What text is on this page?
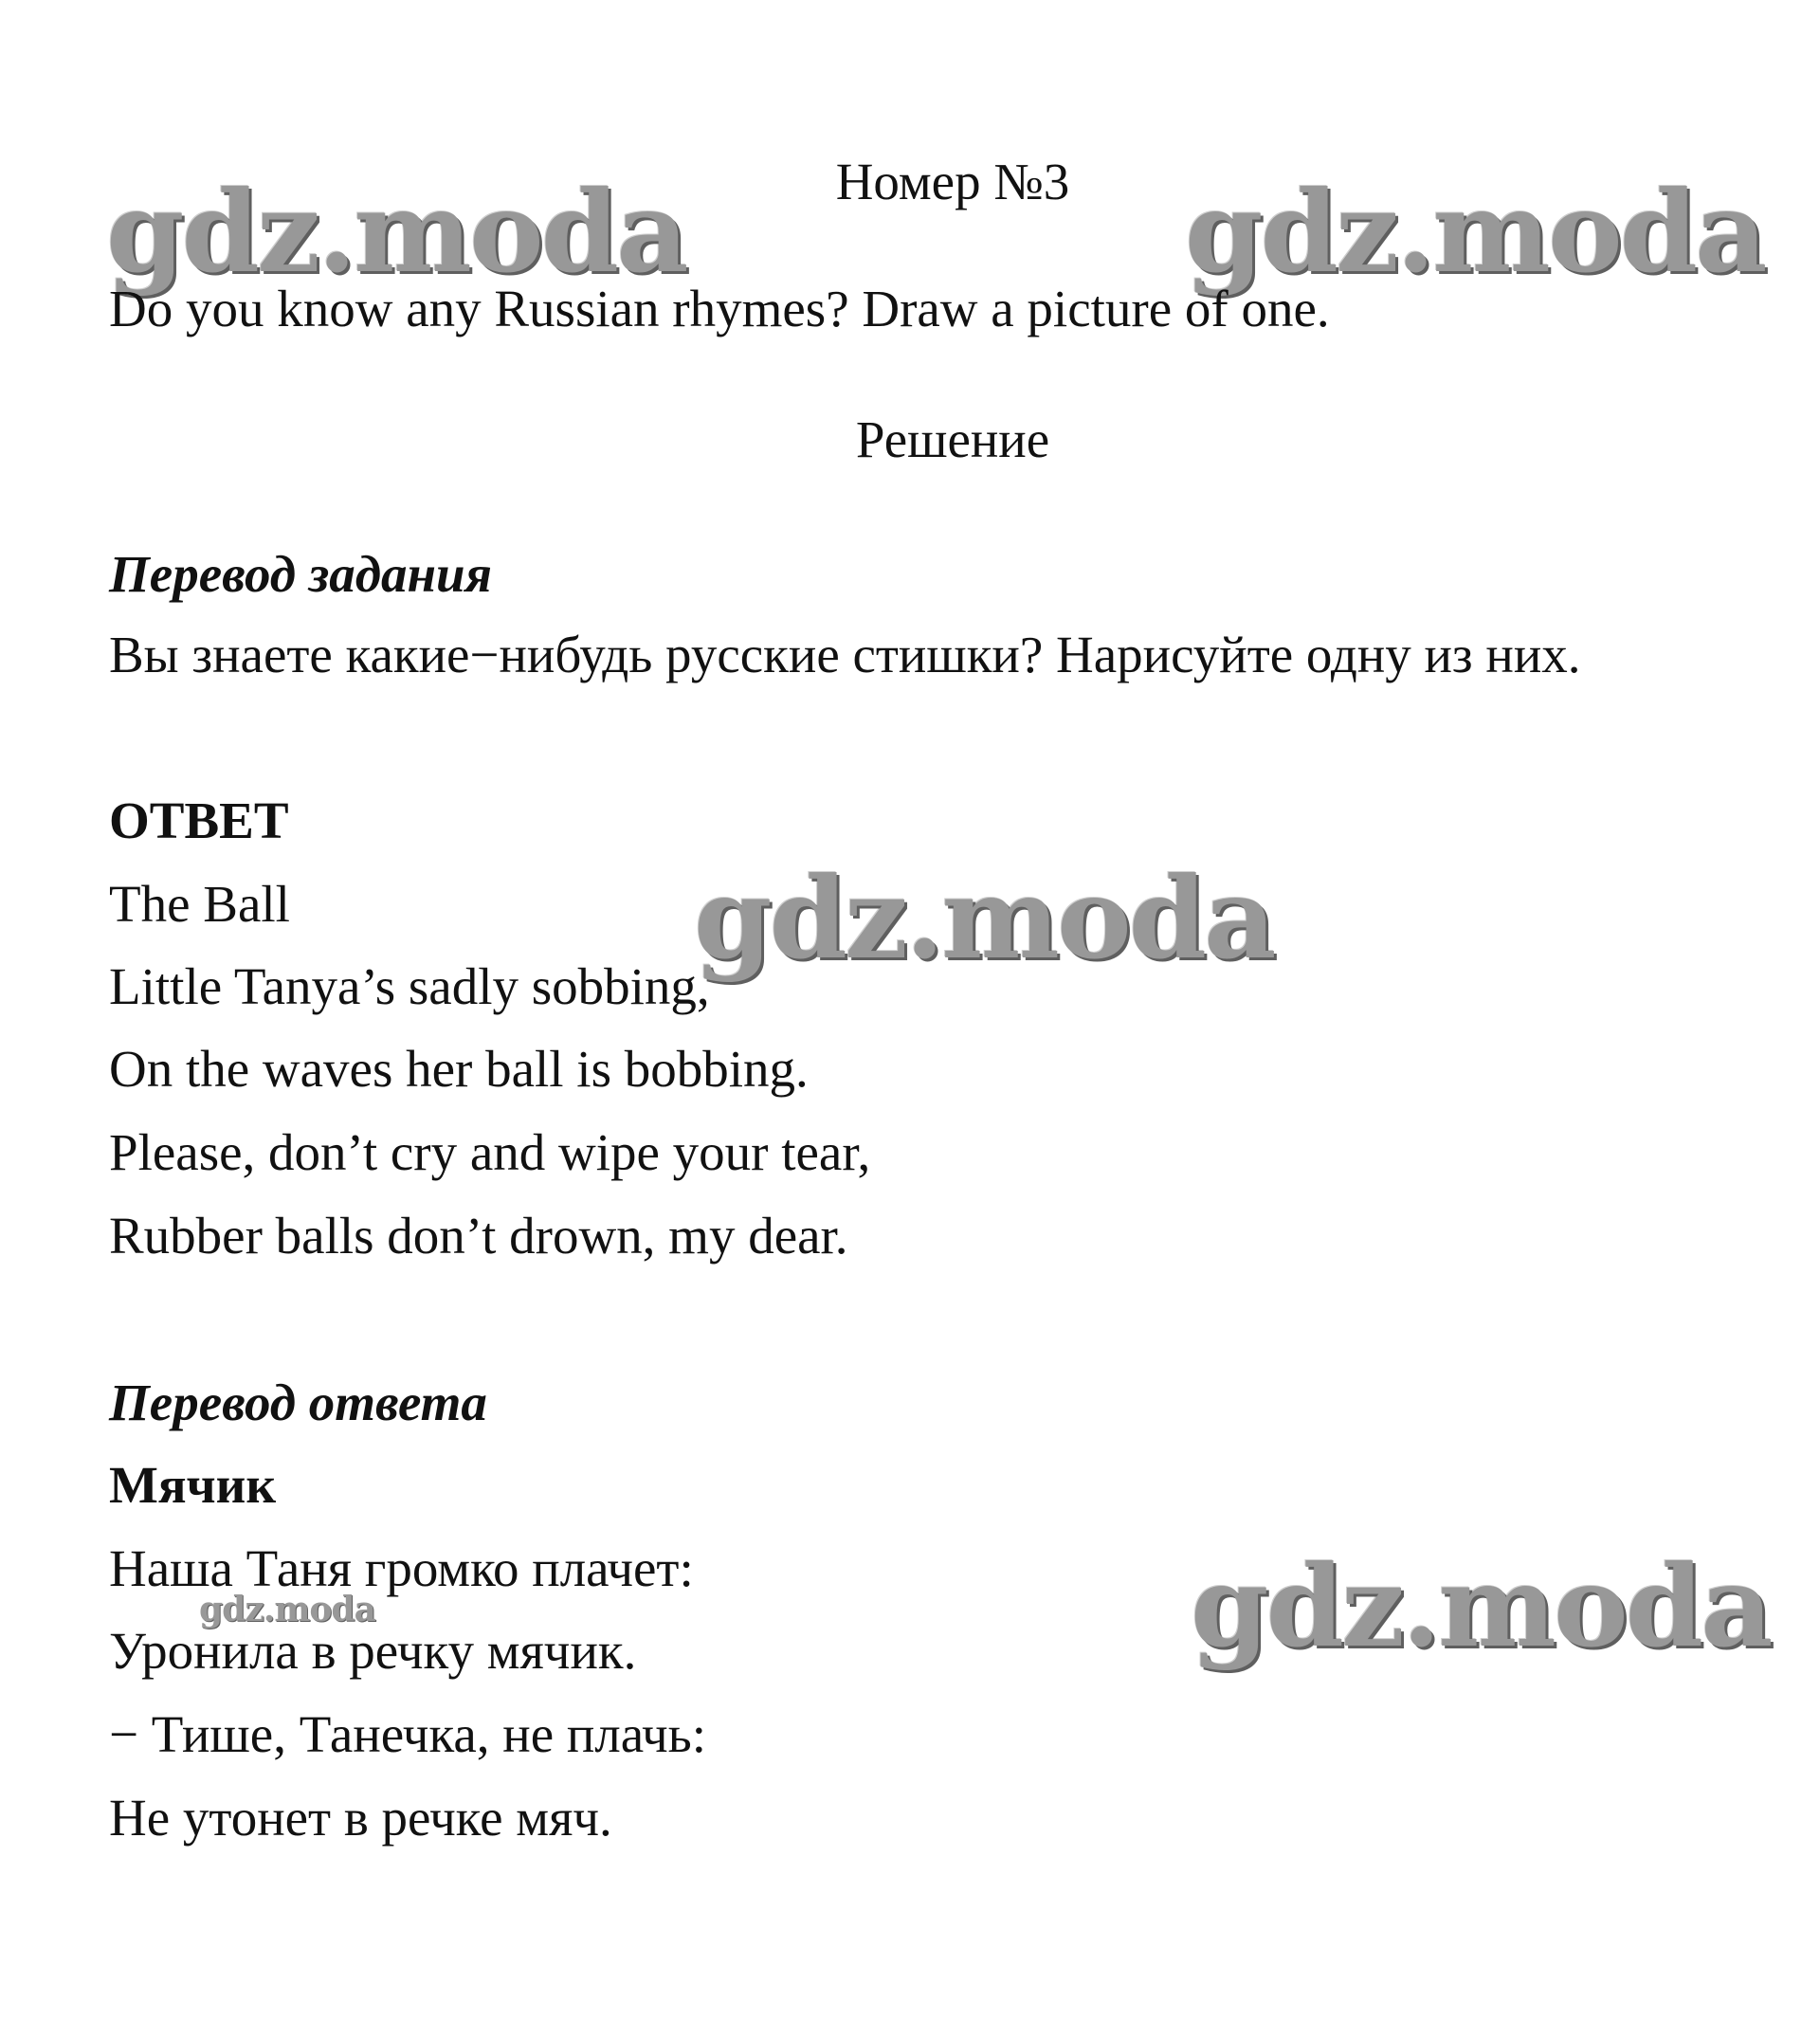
gdz.moda	gdz.moda
gdz.moda
gdz.moda
gdz.moda
Номер №3
Do you know any Russian rhymes? Draw a picture of one.
Решение
Перевод задания
Вы знаете какие−нибудь русские стишки? Нарисуйте одну из них.
ОТВЕТ
The Ball
Little Tanya’s sadly sobbing,
On the waves her ball is bobbing.
Please, don’t cry and wipe your tear,
Rubber balls don’t drown, my dear.
Перевод ответа
Мячик
Наша Таня громко плачет:
Уронила в речку мячик.
− Тише, Танечка, не плачь:
Не утонет в речке мяч.
